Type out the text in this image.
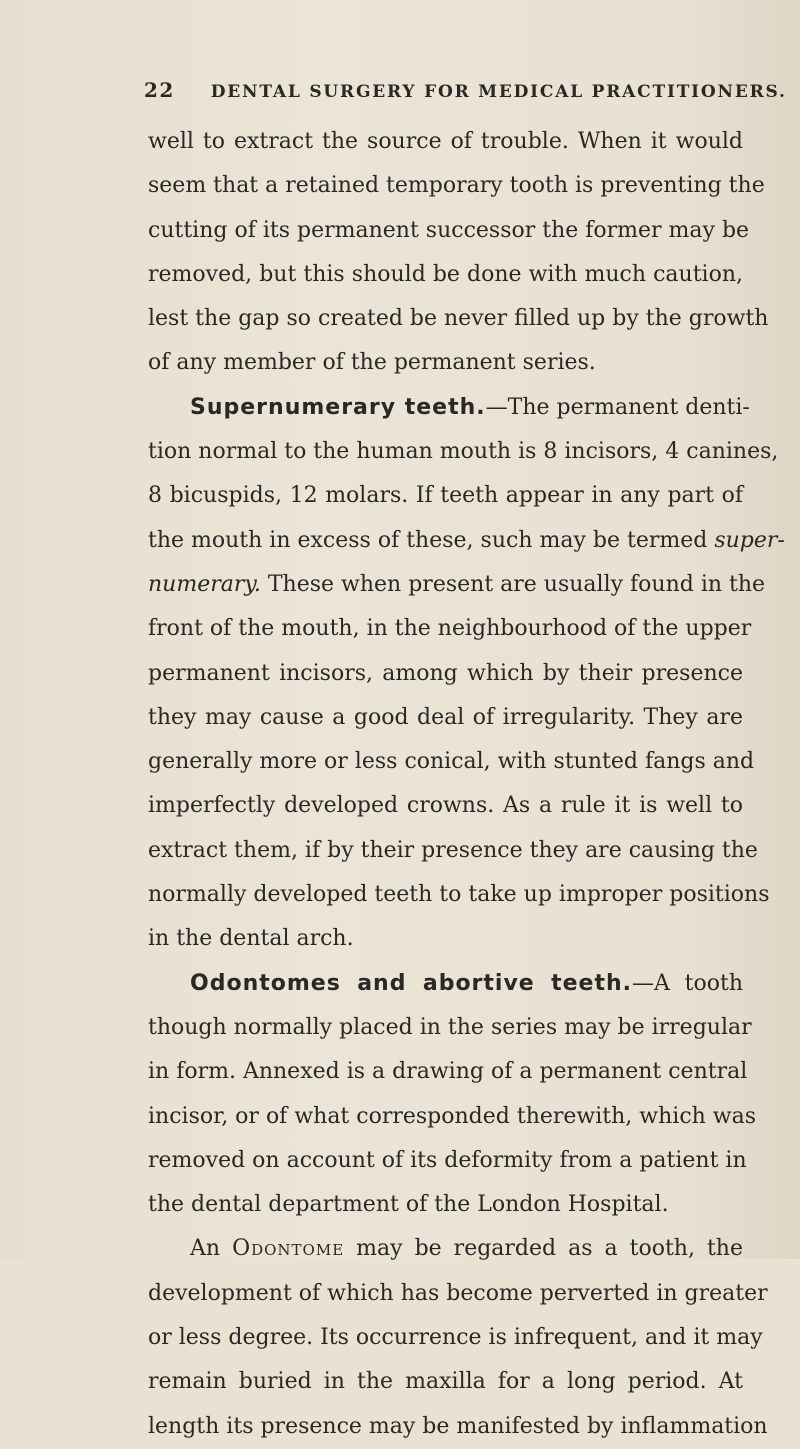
22 DENTAL SURGERY FOR MEDICAL PRACTITIONERS.
well to extract the source of trouble. When it would
seem that a retained temporary tooth is preventing the
cutting of its permanent successor the former may be
removed, but this should be done with much caution,
lest the gap so created be never filled up by the growth
of any member of the permanent series.
Supernumerary teeth.—The permanent denti-
tion normal to the human mouth is 8 incisors, 4 canines,
8 bicuspids, 12 molars. If teeth appear in any part of
the mouth in excess of these, such may be termed super-
numerary. These when present are usually found in the
front of the mouth, in the neighbourhood of the upper
permanent incisors, among which by their presence
they may cause a good deal of irregularity. They are
generally more or less conical, with stunted fangs and
imperfectly developed crowns. As a rule it is well to
extract them, if by their presence they are causing the
normally developed teeth to take up improper positions
in the dental arch.
Odontomes and abortive teeth.—A tooth
though normally placed in the series may be irregular
in form. Annexed is a drawing of a permanent central
incisor, or of what corresponded therewith, which was
removed on account of its deformity from a patient in
the dental department of the London Hospital.
An Odontome may be regarded as a tooth, the
development of which has become perverted in greater
or less degree. Its occurrence is infrequent, and it may
remain buried in the maxilla for a long period. At
length its presence may be manifested by inflammation
